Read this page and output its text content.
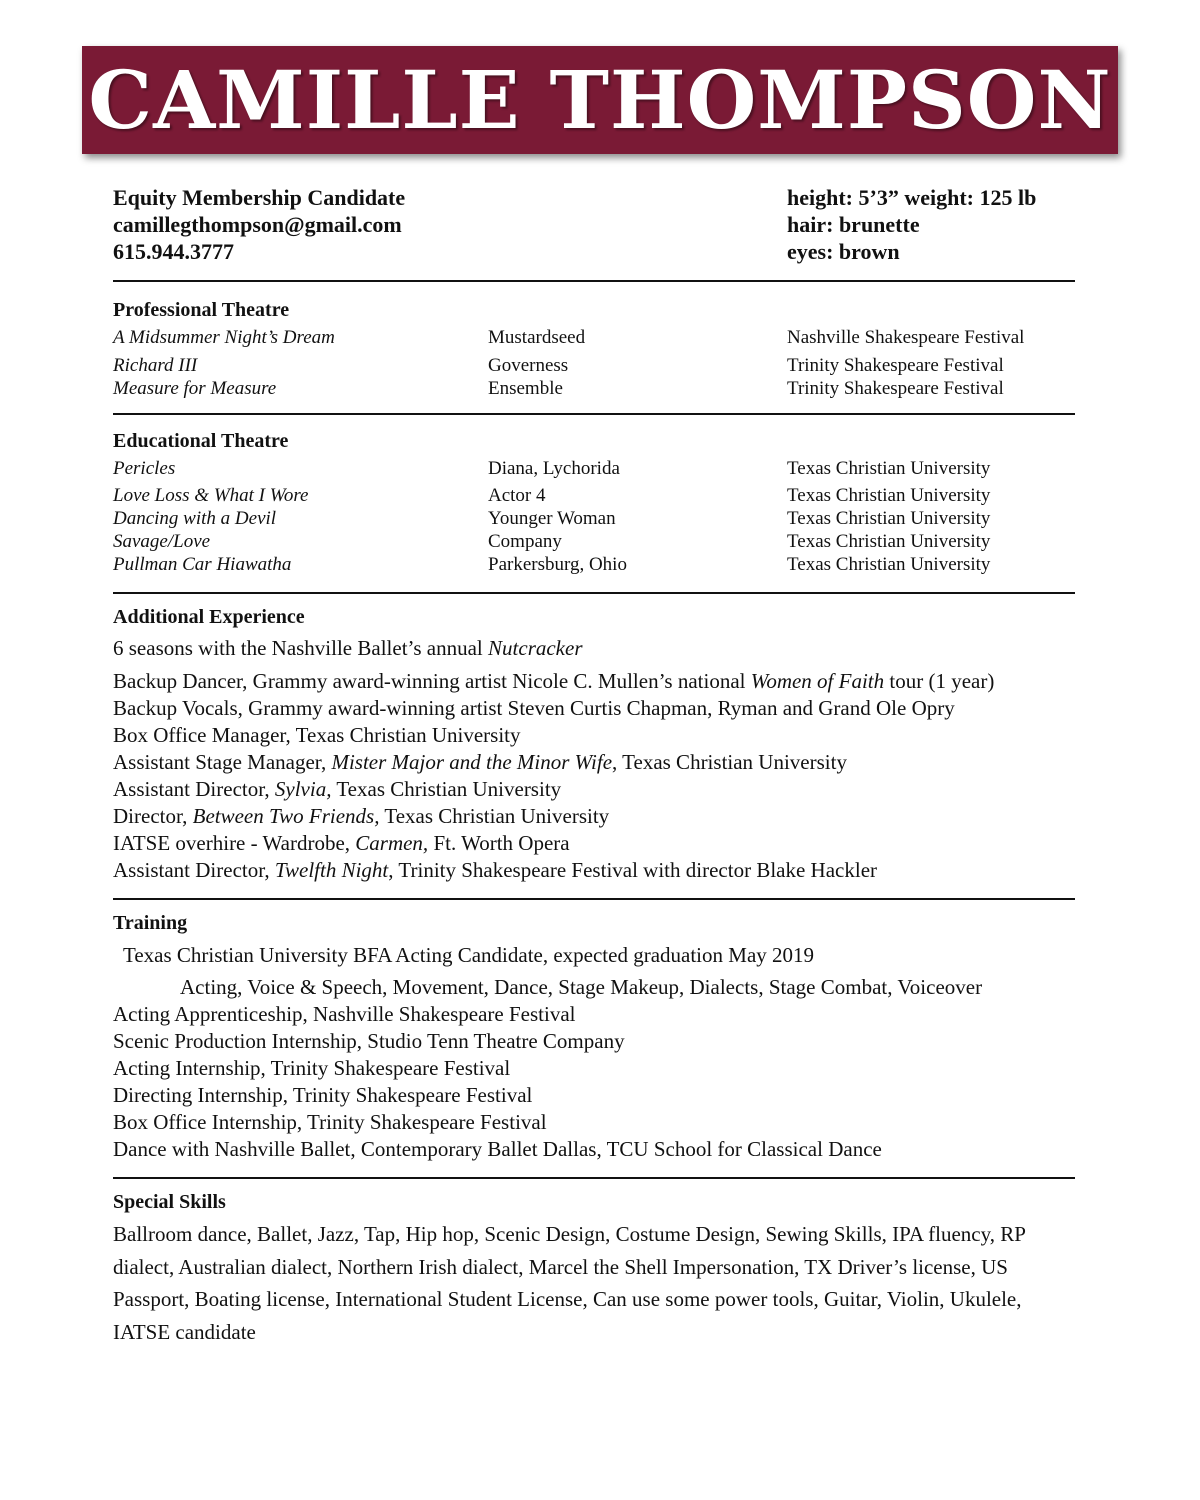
CAMILLE THOMPSON
Equity Membership Candidate
camillegthompson@gmail.com
615.944.3777
height: 5’3” weight: 125 lb
hair: brunette
eyes: brown
Professional Theatre
A Midsummer Night’s Dream	Mustardseed	Nashville Shakespeare Festival
Richard III	Governess	Trinity Shakespeare Festival
Measure for Measure	Ensemble	Trinity Shakespeare Festival
Educational Theatre
Pericles	Diana, Lychorida	Texas Christian University
Love Loss & What I Wore	Actor 4	Texas Christian University
Dancing with a Devil	Younger Woman	Texas Christian University
Savage/Love	Company	Texas Christian University
Pullman Car Hiawatha	Parkersburg, Ohio	Texas Christian University
Additional Experience
6 seasons with the Nashville Ballet’s annual Nutcracker
Backup Dancer, Grammy award-winning artist Nicole C. Mullen’s national Women of Faith tour (1 year)
Backup Vocals, Grammy award-winning artist Steven Curtis Chapman, Ryman and Grand Ole Opry
Box Office Manager, Texas Christian University
Assistant Stage Manager, Mister Major and the Minor Wife, Texas Christian University
Assistant Director, Sylvia, Texas Christian University
Director, Between Two Friends, Texas Christian University
IATSE overhire - Wardrobe, Carmen, Ft. Worth Opera
Assistant Director, Twelfth Night, Trinity Shakespeare Festival with director Blake Hackler
Training
Texas Christian University BFA Acting Candidate, expected graduation May 2019
Acting, Voice & Speech, Movement, Dance, Stage Makeup, Dialects, Stage Combat, Voiceover
Acting Apprenticeship, Nashville Shakespeare Festival
Scenic Production Internship, Studio Tenn Theatre Company
Acting Internship, Trinity Shakespeare Festival
Directing Internship, Trinity Shakespeare Festival
Box Office Internship, Trinity Shakespeare Festival
Dance with Nashville Ballet, Contemporary Ballet Dallas, TCU School for Classical Dance
Special Skills

Ballroom dance, Ballet, Jazz, Tap, Hip hop, Scenic Design, Costume Design, Sewing Skills, IPA fluency, RP dialect, Australian dialect, Northern Irish dialect, Marcel the Shell Impersonation, TX Driver’s license, US Passport, Boating license, International Student License, Can use some power tools, Guitar, Violin, Ukulele, IATSE candidate
